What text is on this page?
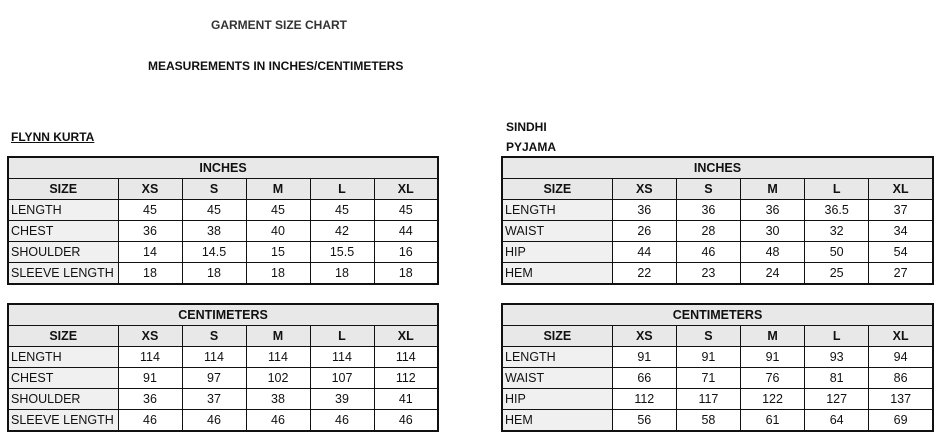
GARMENT SIZE CHART
MEASUREMENTS IN INCHES/CENTIMETERS
FLYNN KURTA
SINDHI
PYJAMA
INCHES					
SIZE	XS	S	M	L	XL
LENGTH	45	45	45	45	45
CHEST	36	38	40	42	44
SHOULDER	14	14.5	15	15.5	16
SLEEVE LENGTH	18	18	18	18	18
CENTIMETERS					
SIZE	XS	S	M	L	XL
LENGTH	114	114	114	114	114
CHEST	91	97	102	107	112
SHOULDER	36	37	38	39	41
SLEEVE LENGTH	46	46	46	46	46
INCHES					
SIZE	XS	S	M	L	XL
LENGTH	36	36	36	36.5	37
WAIST	26	28	30	32	34
HIP	44	46	48	50	54
HEM	22	23	24	25	27
CENTIMETERS					
SIZE	XS	S	M	L	XL
LENGTH	91	91	91	93	94
WAIST	66	71	76	81	86
HIP	112	117	122	127	137
HEM	56	58	61	64	69
